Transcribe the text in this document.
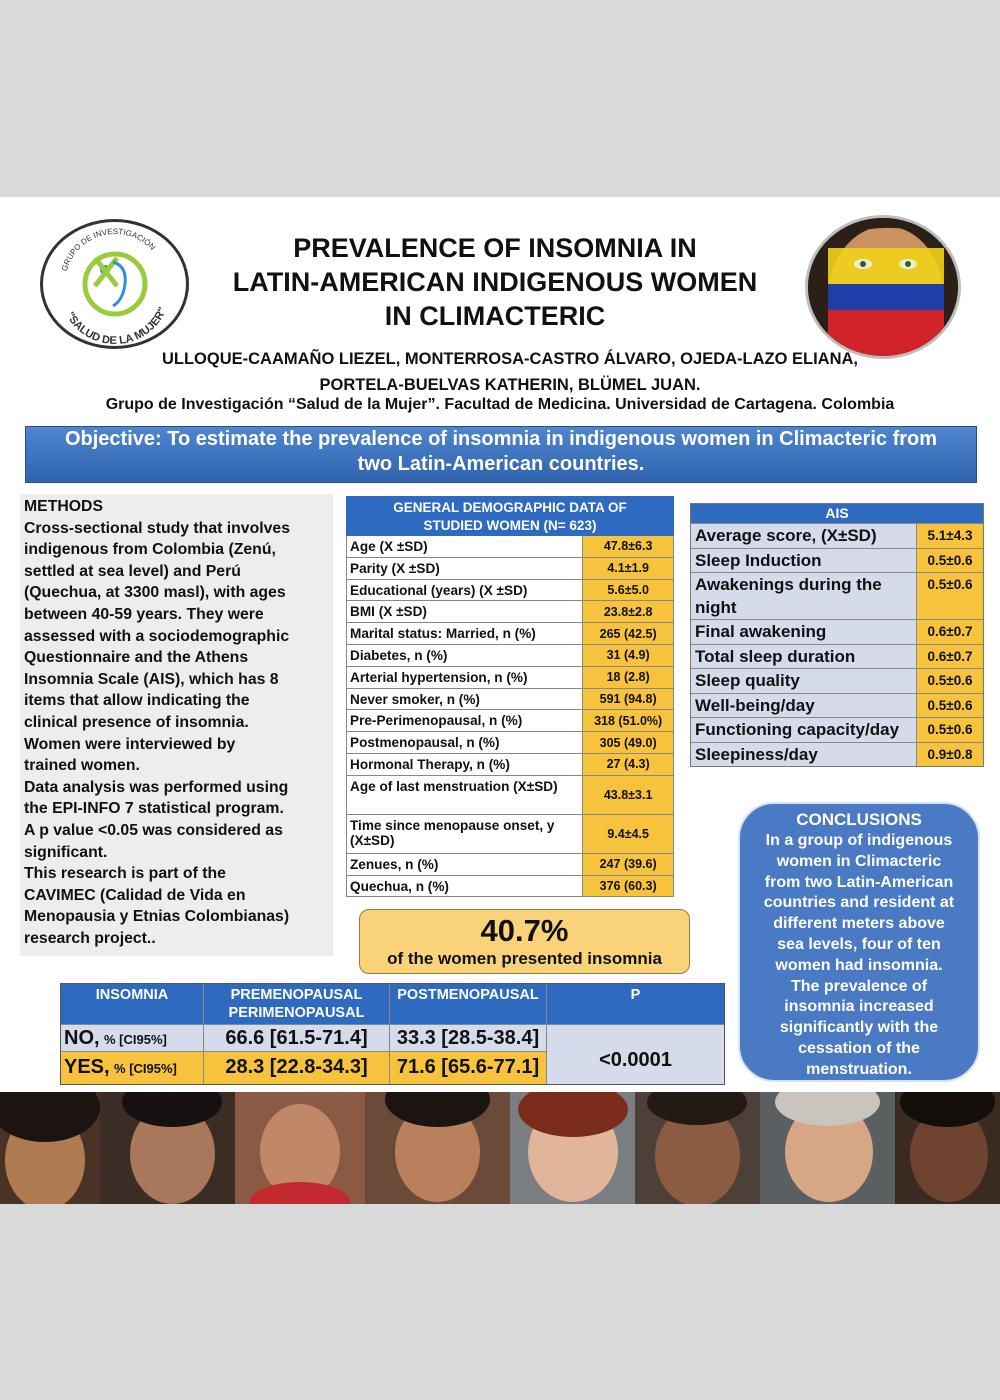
GRUPO DE INVESTIGACIÓN
"SALUD DE LA MUJER"
PREVALENCE OF INSOMNIA IN
LATIN-AMERICAN INDIGENOUS WOMEN
IN CLIMACTERIC
ULLOQUE-CAAMAÑO LIEZEL, MONTERROSA-CASTRO ÁLVARO, OJEDA-LAZO ELIANA,
PORTELA-BUELVAS KATHERIN, BLÜMEL JUAN.
Grupo de Investigación “Salud de la Mujer”. Facultad de Medicina. Universidad de Cartagena. Colombia
Objective: To estimate the prevalence of insomnia in indigenous women in Climacteric from
two Latin-American countries.
METHODS
Cross-sectional study that involves
indigenous from Colombia (Zenú,
settled at sea level) and Perú
(Quechua, at 3300 masl), with ages
between 40-59 years. They were
assessed with a sociodemographic
Questionnaire and the Athens
Insomnia Scale (AIS), which has 8
items that allow indicating the
clinical presence of insomnia.
Women were interviewed by
trained women.
Data analysis was performed using
the EPI-INFO 7 statistical program.
A p value <0.05 was considered as
significant.
This research is part of the
CAVIMEC (Calidad de Vida en
Menopausia y Etnias Colombianas)
research project..
GENERAL DEMOGRAPHIC DATA OF
STUDIED WOMEN (N= 623)
Age (X ±SD)	47.8±6.3
Parity (X ±SD)	4.1±1.9
Educational (years) (X ±SD)	5.6±5.0
BMI (X ±SD)	23.8±2.8
Marital status: Married, n (%)	265 (42.5)
Diabetes, n (%)	31 (4.9)
Arterial hypertension, n (%)	18 (2.8)
Never smoker, n (%)	591 (94.8)
Pre-Perimenopausal, n (%)	318 (51.0%)
Postmenopausal, n (%)	305 (49.0)
Hormonal Therapy, n (%)	27 (4.3)
Age of last menstruation (X±SD)
43.8±3.1
Time since menopause onset, y (X±SD)	9.4±4.5
Zenues, n (%)	247 (39.6)
Quechua, n (%)	376 (60.3)
AIS
Average score, (X±SD)	5.1±4.3
Sleep Induction	0.5±0.6
Awakenings during the night
0.5±0.6
Final awakening	0.6±0.7
Total sleep duration	0.6±0.7
Sleep quality	0.5±0.6
Well-being/day	0.5±0.6
Functioning capacity/day	0.5±0.6
Sleepiness/day	0.9±0.8
CONCLUSIONS
In a group of indigenous
women in Climacteric
from two Latin-American
countries and resident at
different meters above
sea levels, four of ten
women had insomnia.
The prevalence of
insomnia increased
significantly with the
cessation of the
menstruation.
40.7%
of the women presented insomnia
INSOMNIA	PREMENOPAUSAL
PERIMENOPAUSAL
POSTMENOPAUSAL	P
NO, % [CI95%]	66.6 [61.5-71.4]	33.3 [28.5-38.4]
YES, % [CI95%]	28.3 [22.8-34.3]	71.6 [65.6-77.1]	<0.0001
